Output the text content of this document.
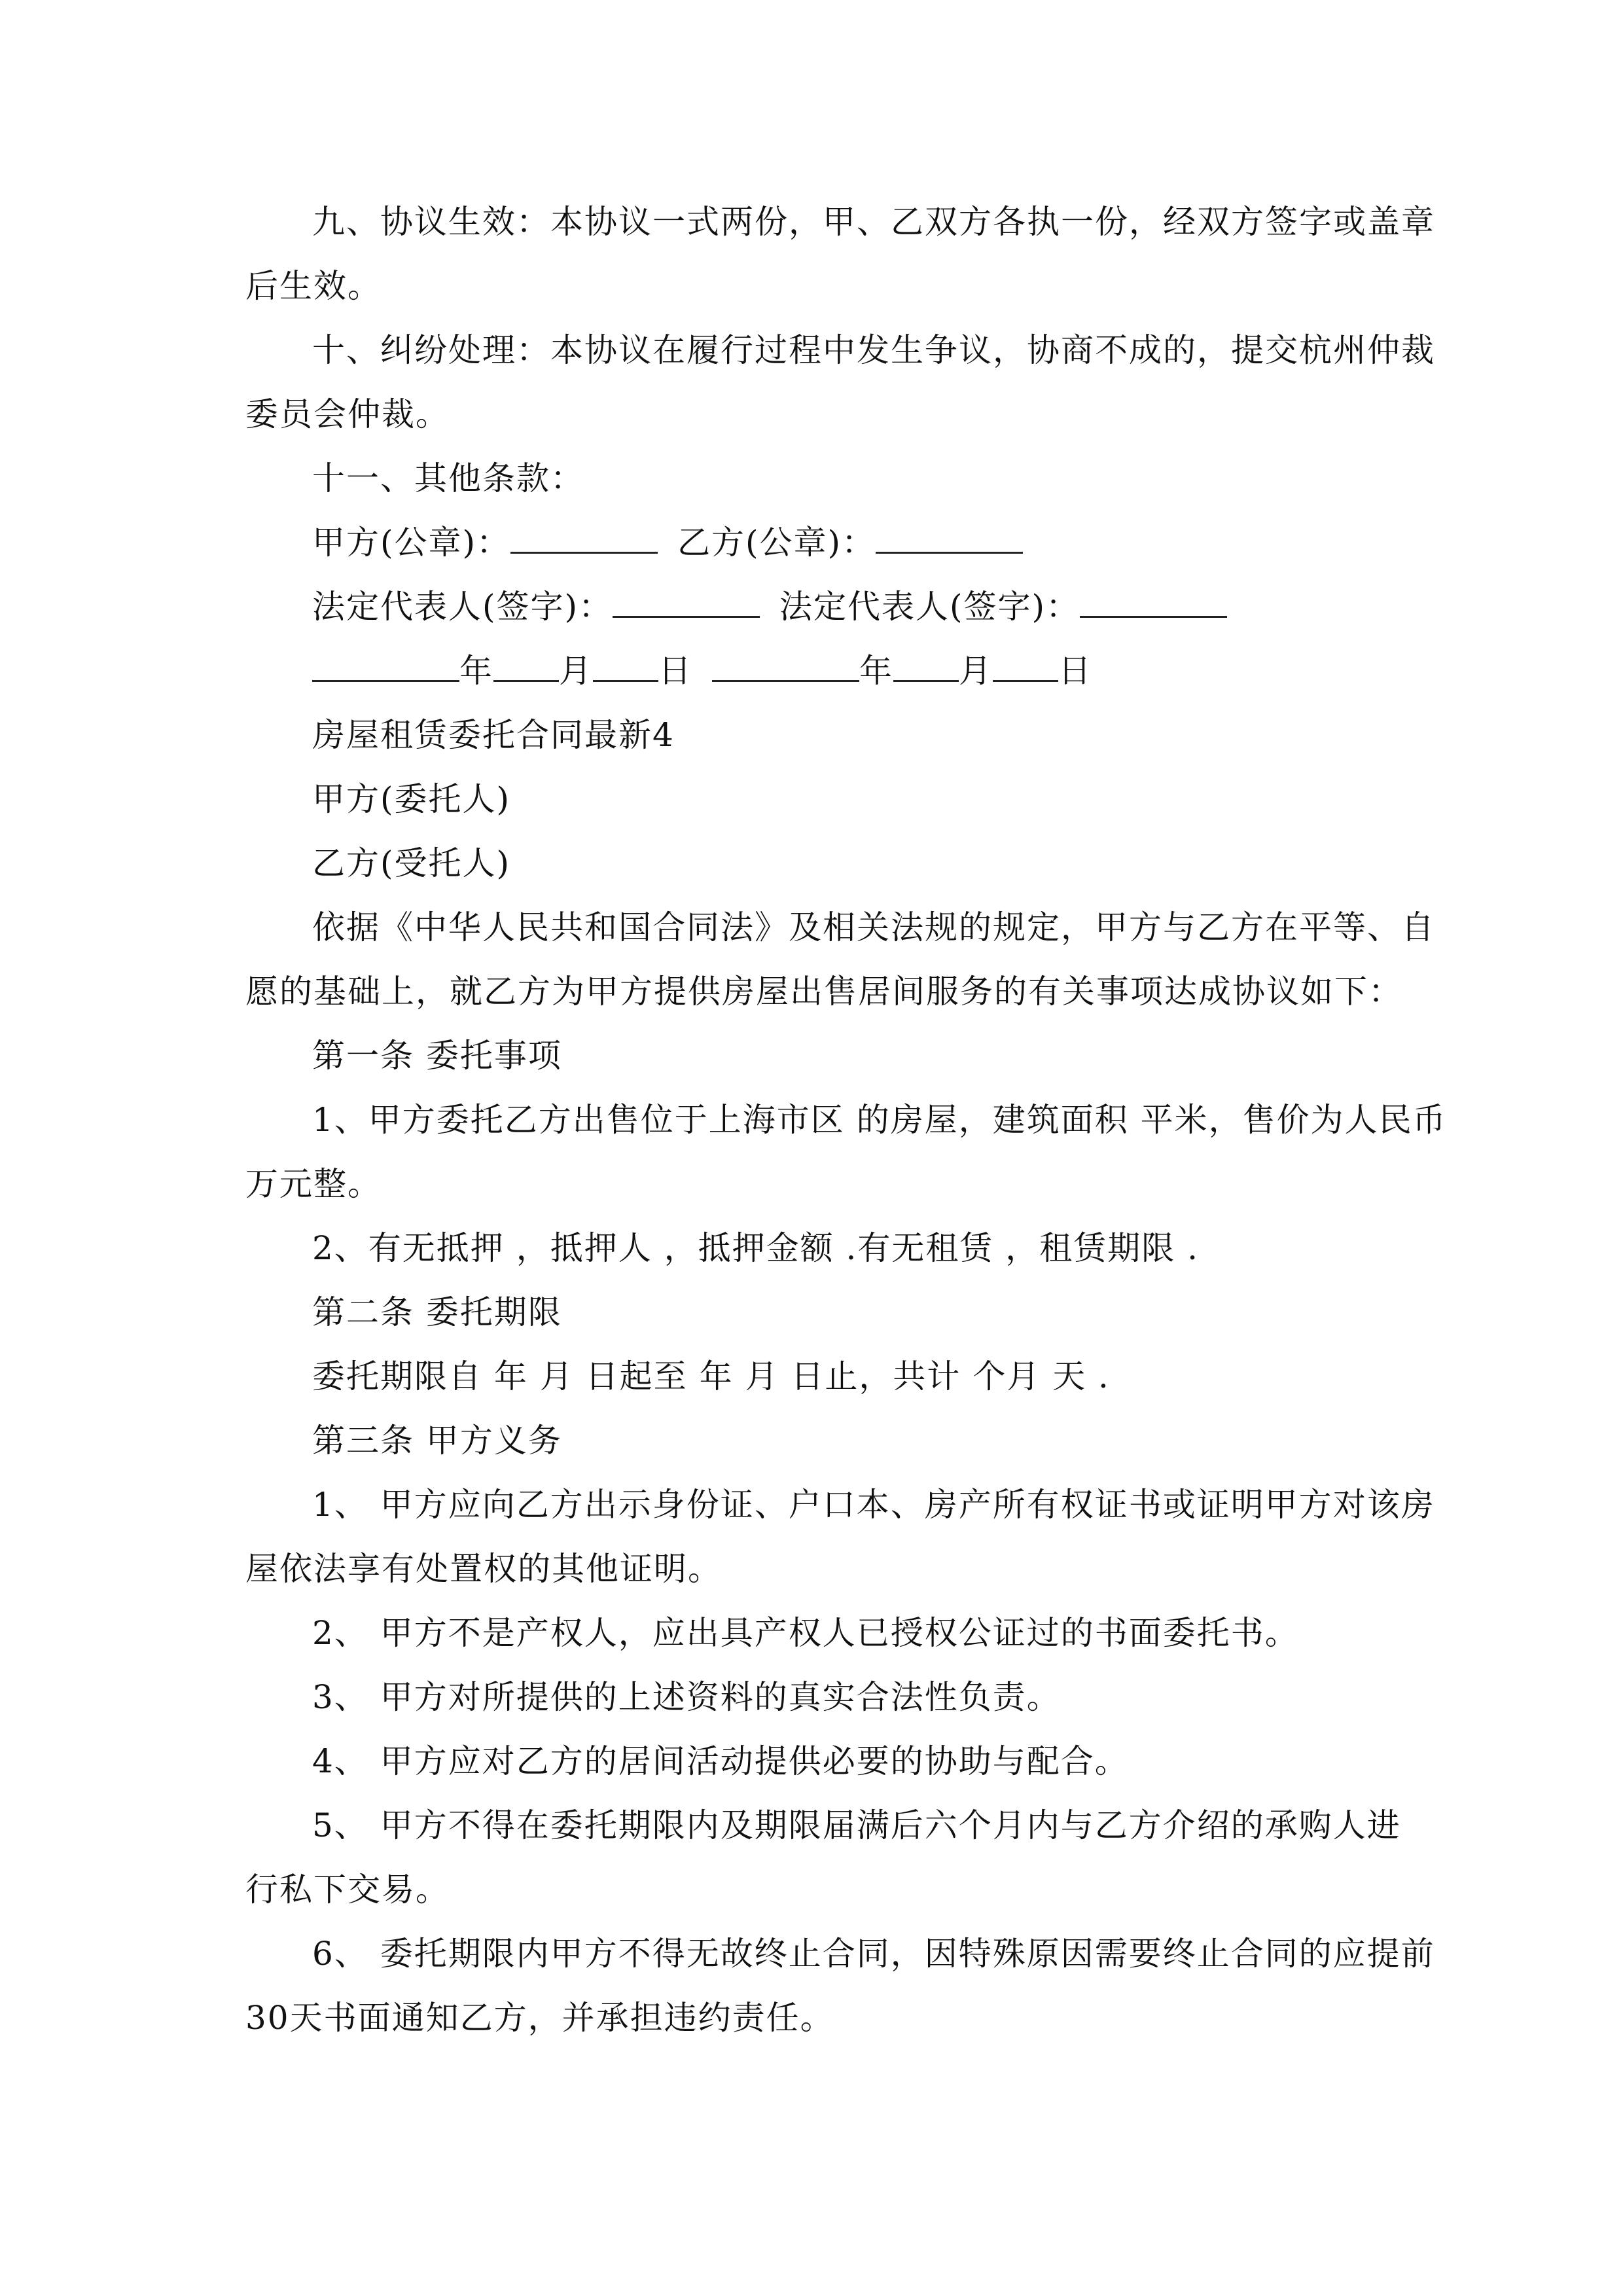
九、协议生效：本协议一式两份，甲、乙双方各执一份，经双方签字或盖章
后生效。
十、纠纷处理：本协议在履行过程中发生争议，协商不成的，提交杭州仲裁
委员会仲裁。
十一、其他条款：
甲方(公章)：	乙方(公章)：
法定代表人(签字)：	法定代表人(签字)：
年 月 日	年 月 日
房屋租赁委托合同最新4
甲方(委托人)
乙方(受托人)
依据《中华人民共和国合同法》及相关法规的规定，甲方与乙方在平等、自
愿的基础上，就乙方为甲方提供房屋出售居间服务的有关事项达成协议如下：
第一条 委托事项
1、甲方委托乙方出售位于上海市区 的房屋，建筑面积 平米，售价为人民币
万元整。
2、有无抵押 ，抵押人 ，抵押金额 .有无租赁 ，租赁期限 .
第二条 委托期限
委托期限自 年 月 日起至 年 月 日止，共计 个月 天 .
第三条 甲方义务
1、 甲方应向乙方出示身份证、户口本、房产所有权证书或证明甲方对该房
屋依法享有处置权的其他证明。
2、 甲方不是产权人，应出具产权人已授权公证过的书面委托书。
3、 甲方对所提供的上述资料的真实合法性负责。
4、 甲方应对乙方的居间活动提供必要的协助与配合。
5、 甲方不得在委托期限内及期限届满后六个月内与乙方介绍的承购人进
行私下交易。
6、 委托期限内甲方不得无故终止合同，因特殊原因需要终止合同的应提前
30天书面通知乙方，并承担违约责任。
